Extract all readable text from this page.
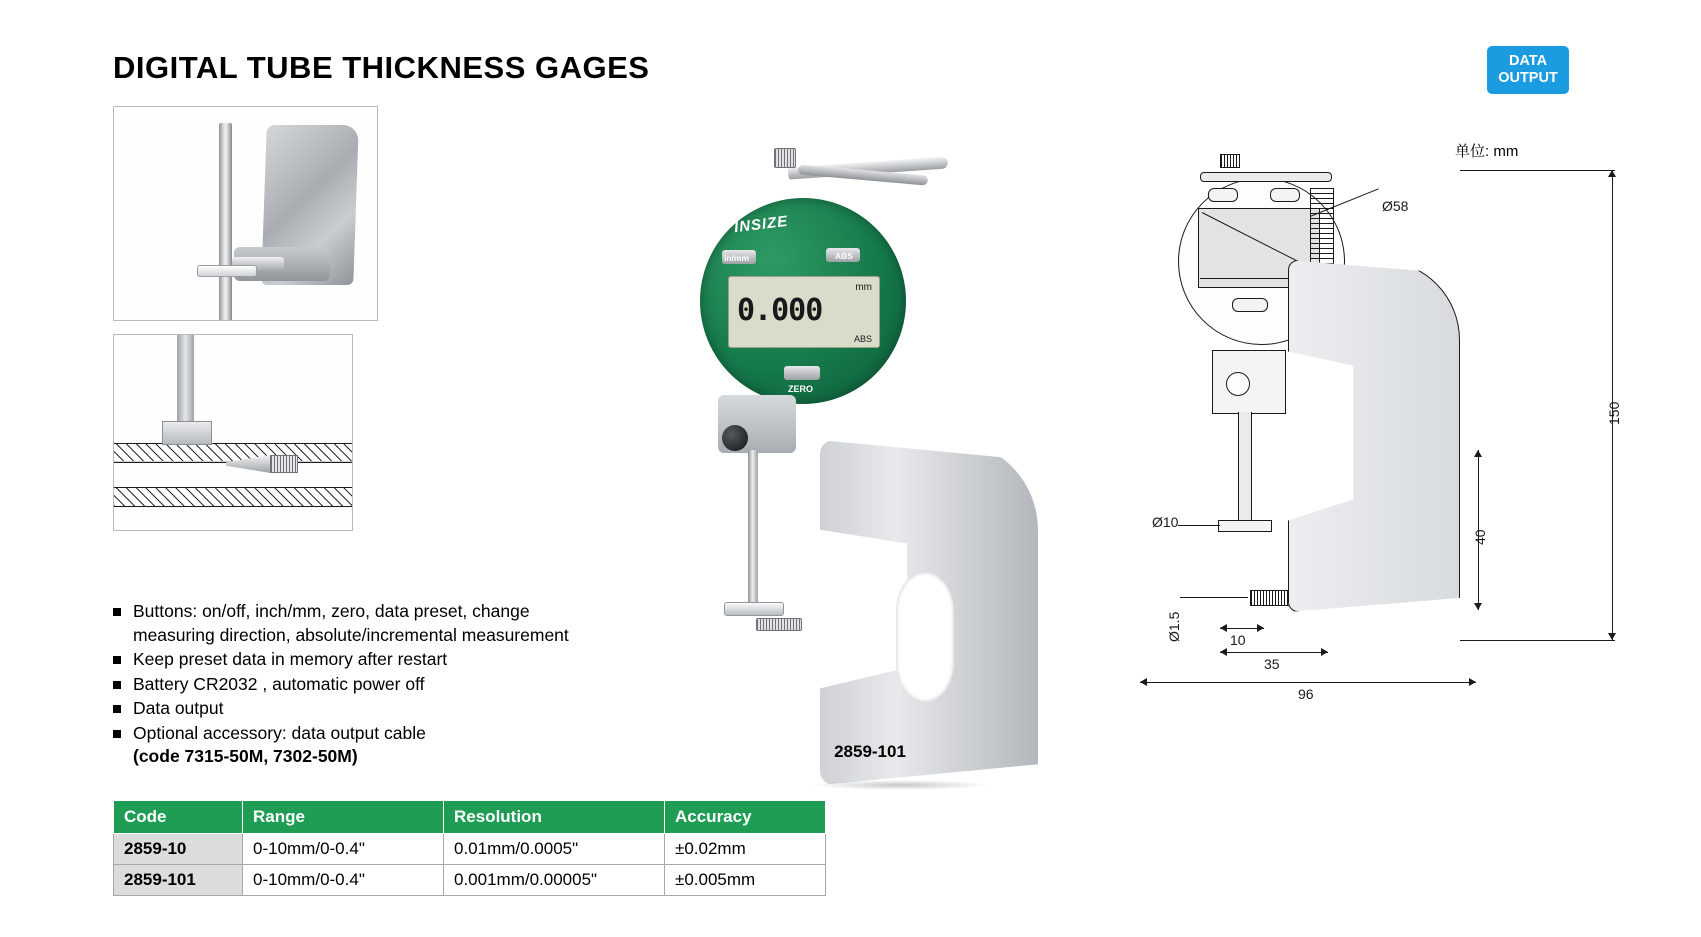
DIGITAL TUBE THICKNESS GAGES	DATA
OUTPUT
Buttons: on/off, inch/mm, zero, data preset, change
measuring direction, absolute/incremental measurement
Keep preset data in memory after restart
Battery CR2032 , automatic power off
Data output
Optional accessory: data output cable
(code 7315-50M, 7302-50M)
Code	Range	Resolution	Accuracy
2859-10	0-10mm/0-0.4"	0.01mm/0.0005"	±0.02mm
2859-101	0-10mm/0-0.4"	0.001mm/0.00005"	±0.005mm
INSIZE
mm
0.000
ABS
in/mm	ABS
ZERO
2859-101
单位: mm
Ø58
150
40
Ø10
Ø1.5	10
35
96
